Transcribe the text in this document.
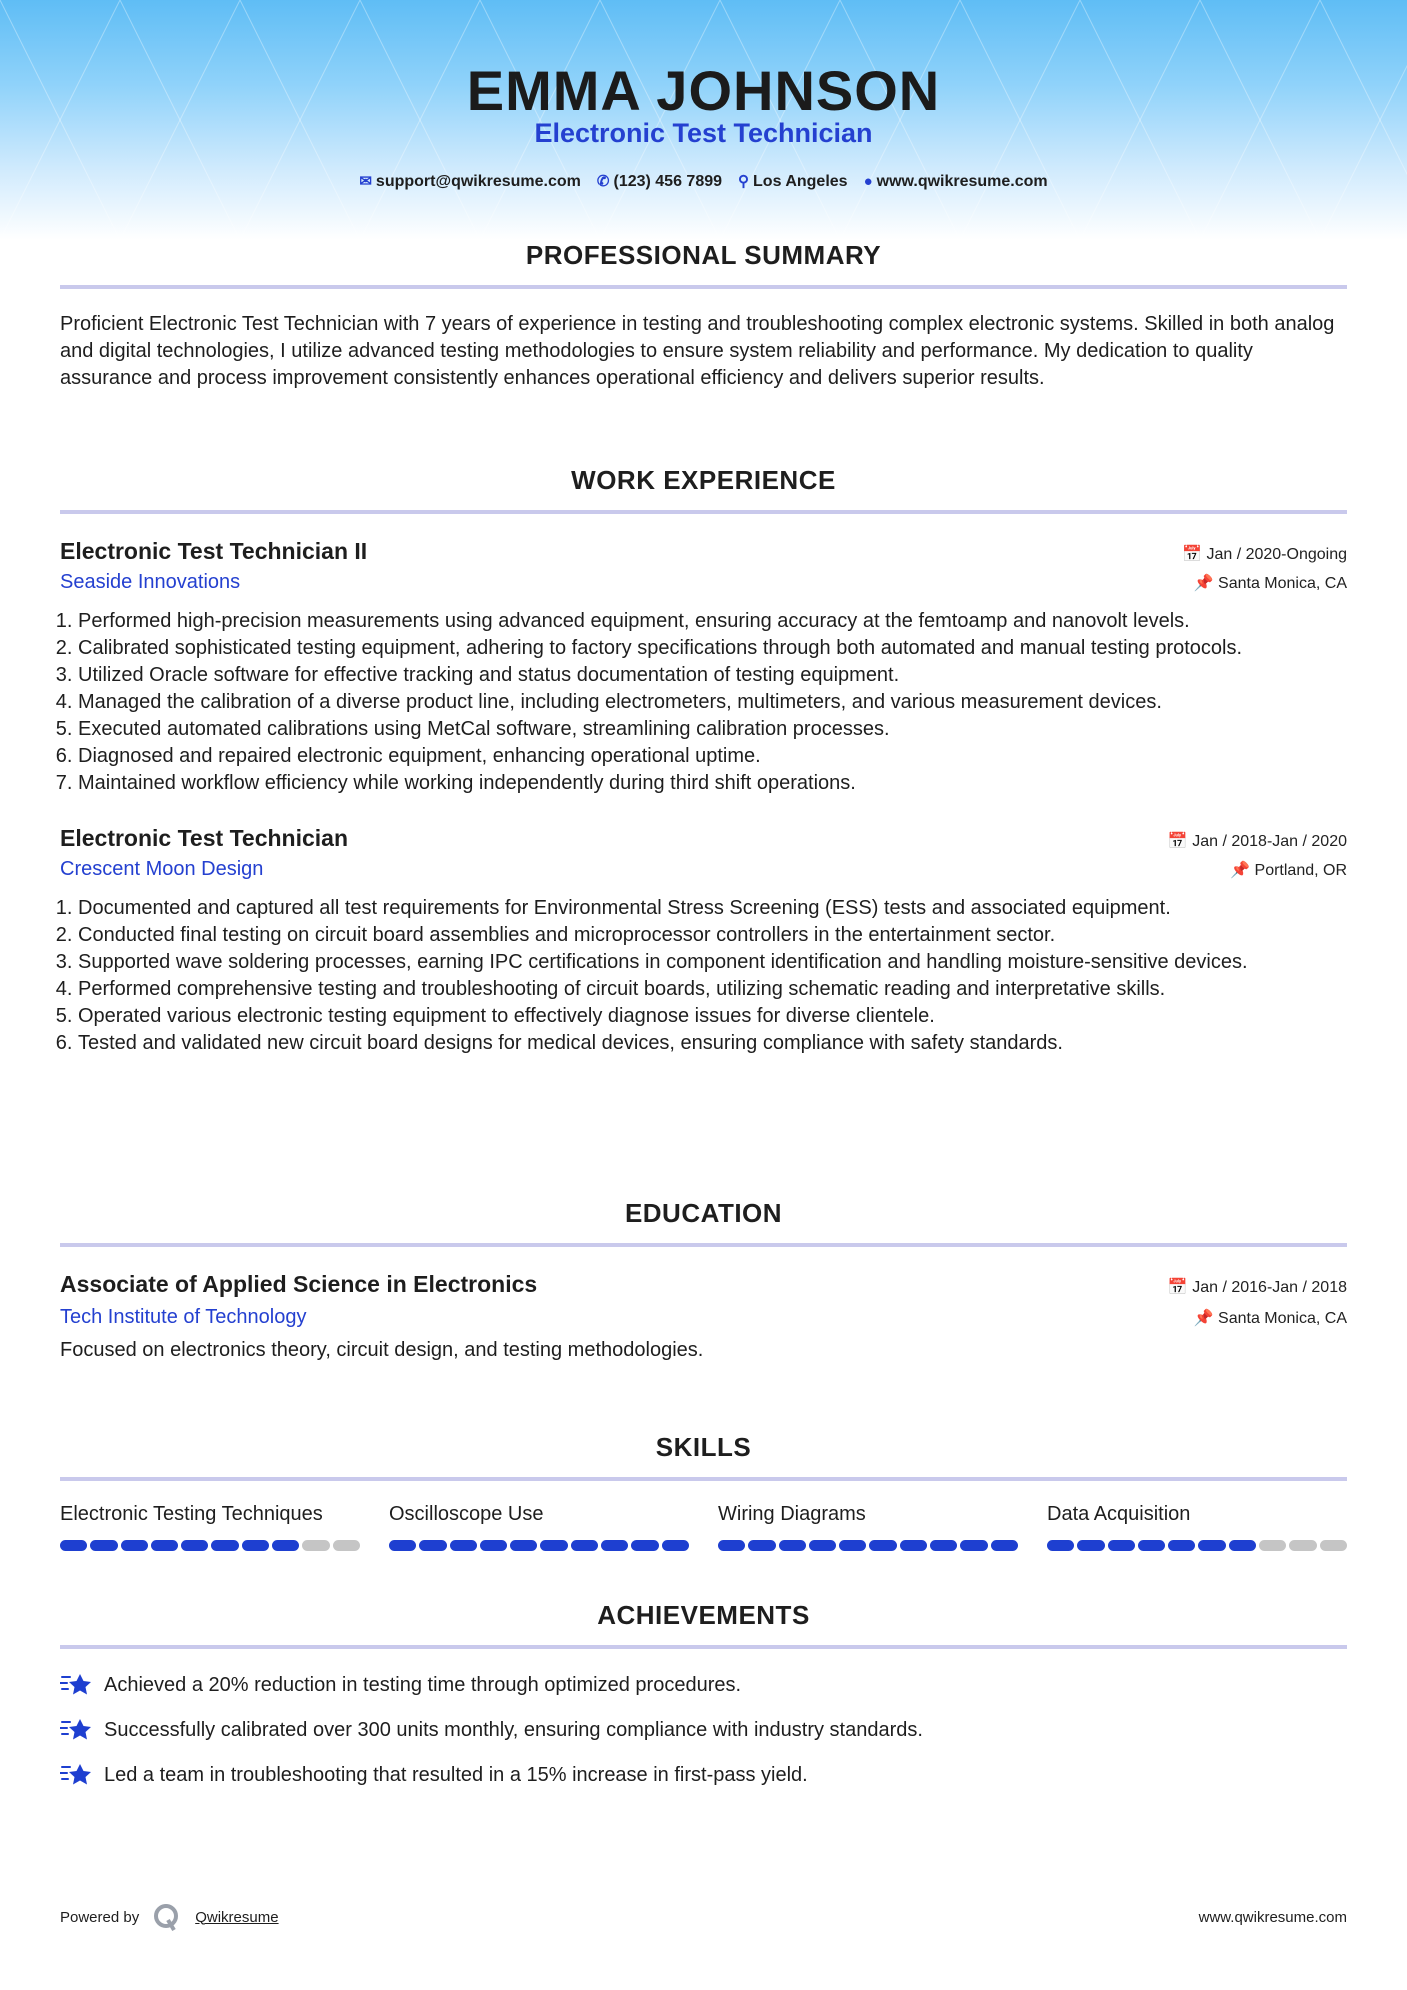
EMMA JOHNSON
Electronic Test Technician
✉ support@qwikresume.com ✆ (123) 456 7899 ⚲ Los Angeles ● www.qwikresume.com
PROFESSIONAL SUMMARY

Proficient Electronic Test Technician with 7 years of experience in testing and troubleshooting complex electronic systems. Skilled in both analog and digital technologies, I utilize advanced testing methodologies to ensure system reliability and performance. My dedication to quality assurance and process improvement consistently enhances operational efficiency and delivers superior results.

WORK EXPERIENCE
Electronic Test Technician II	📅 Jan / 2020-Ongoing
Seaside Innovations	📌 Santa Monica, CA
1. Performed high-precision measurements using advanced equipment, ensuring accuracy at the femtoamp and nanovolt levels.
2. Calibrated sophisticated testing equipment, adhering to factory specifications through both automated and manual testing protocols.
3. Utilized Oracle software for effective tracking and status documentation of testing equipment.
4. Managed the calibration of a diverse product line, including electrometers, multimeters, and various measurement devices.
5. Executed automated calibrations using MetCal software, streamlining calibration processes.
6. Diagnosed and repaired electronic equipment, enhancing operational uptime.
7. Maintained workflow efficiency while working independently during third shift operations.
Electronic Test Technician	📅 Jan / 2018-Jan / 2020
Crescent Moon Design	📌 Portland, OR
1. Documented and captured all test requirements for Environmental Stress Screening (ESS) tests and associated equipment.
2. Conducted final testing on circuit board assemblies and microprocessor controllers in the entertainment sector.
3. Supported wave soldering processes, earning IPC certifications in component identification and handling moisture-sensitive devices.
4. Performed comprehensive testing and troubleshooting of circuit boards, utilizing schematic reading and interpretative skills.
5. Operated various electronic testing equipment to effectively diagnose issues for diverse clientele.
6. Tested and validated new circuit board designs for medical devices, ensuring compliance with safety standards.
EDUCATION
Associate of Applied Science in Electronics	📅 Jan / 2016-Jan / 2018
Tech Institute of Technology	📌 Santa Monica, CA

Focused on electronics theory, circuit design, and testing methodologies.

SKILLS
Electronic Testing Techniques	Oscilloscope Use	Wiring Diagrams	Data Acquisition
ACHIEVEMENTS
Achieved a 20% reduction in testing time through optimized procedures.
Successfully calibrated over 300 units monthly, ensuring compliance with industry standards.
Led a team in troubleshooting that resulted in a 15% increase in first-pass yield.
Powered by	Qwikresume	www.qwikresume.com
